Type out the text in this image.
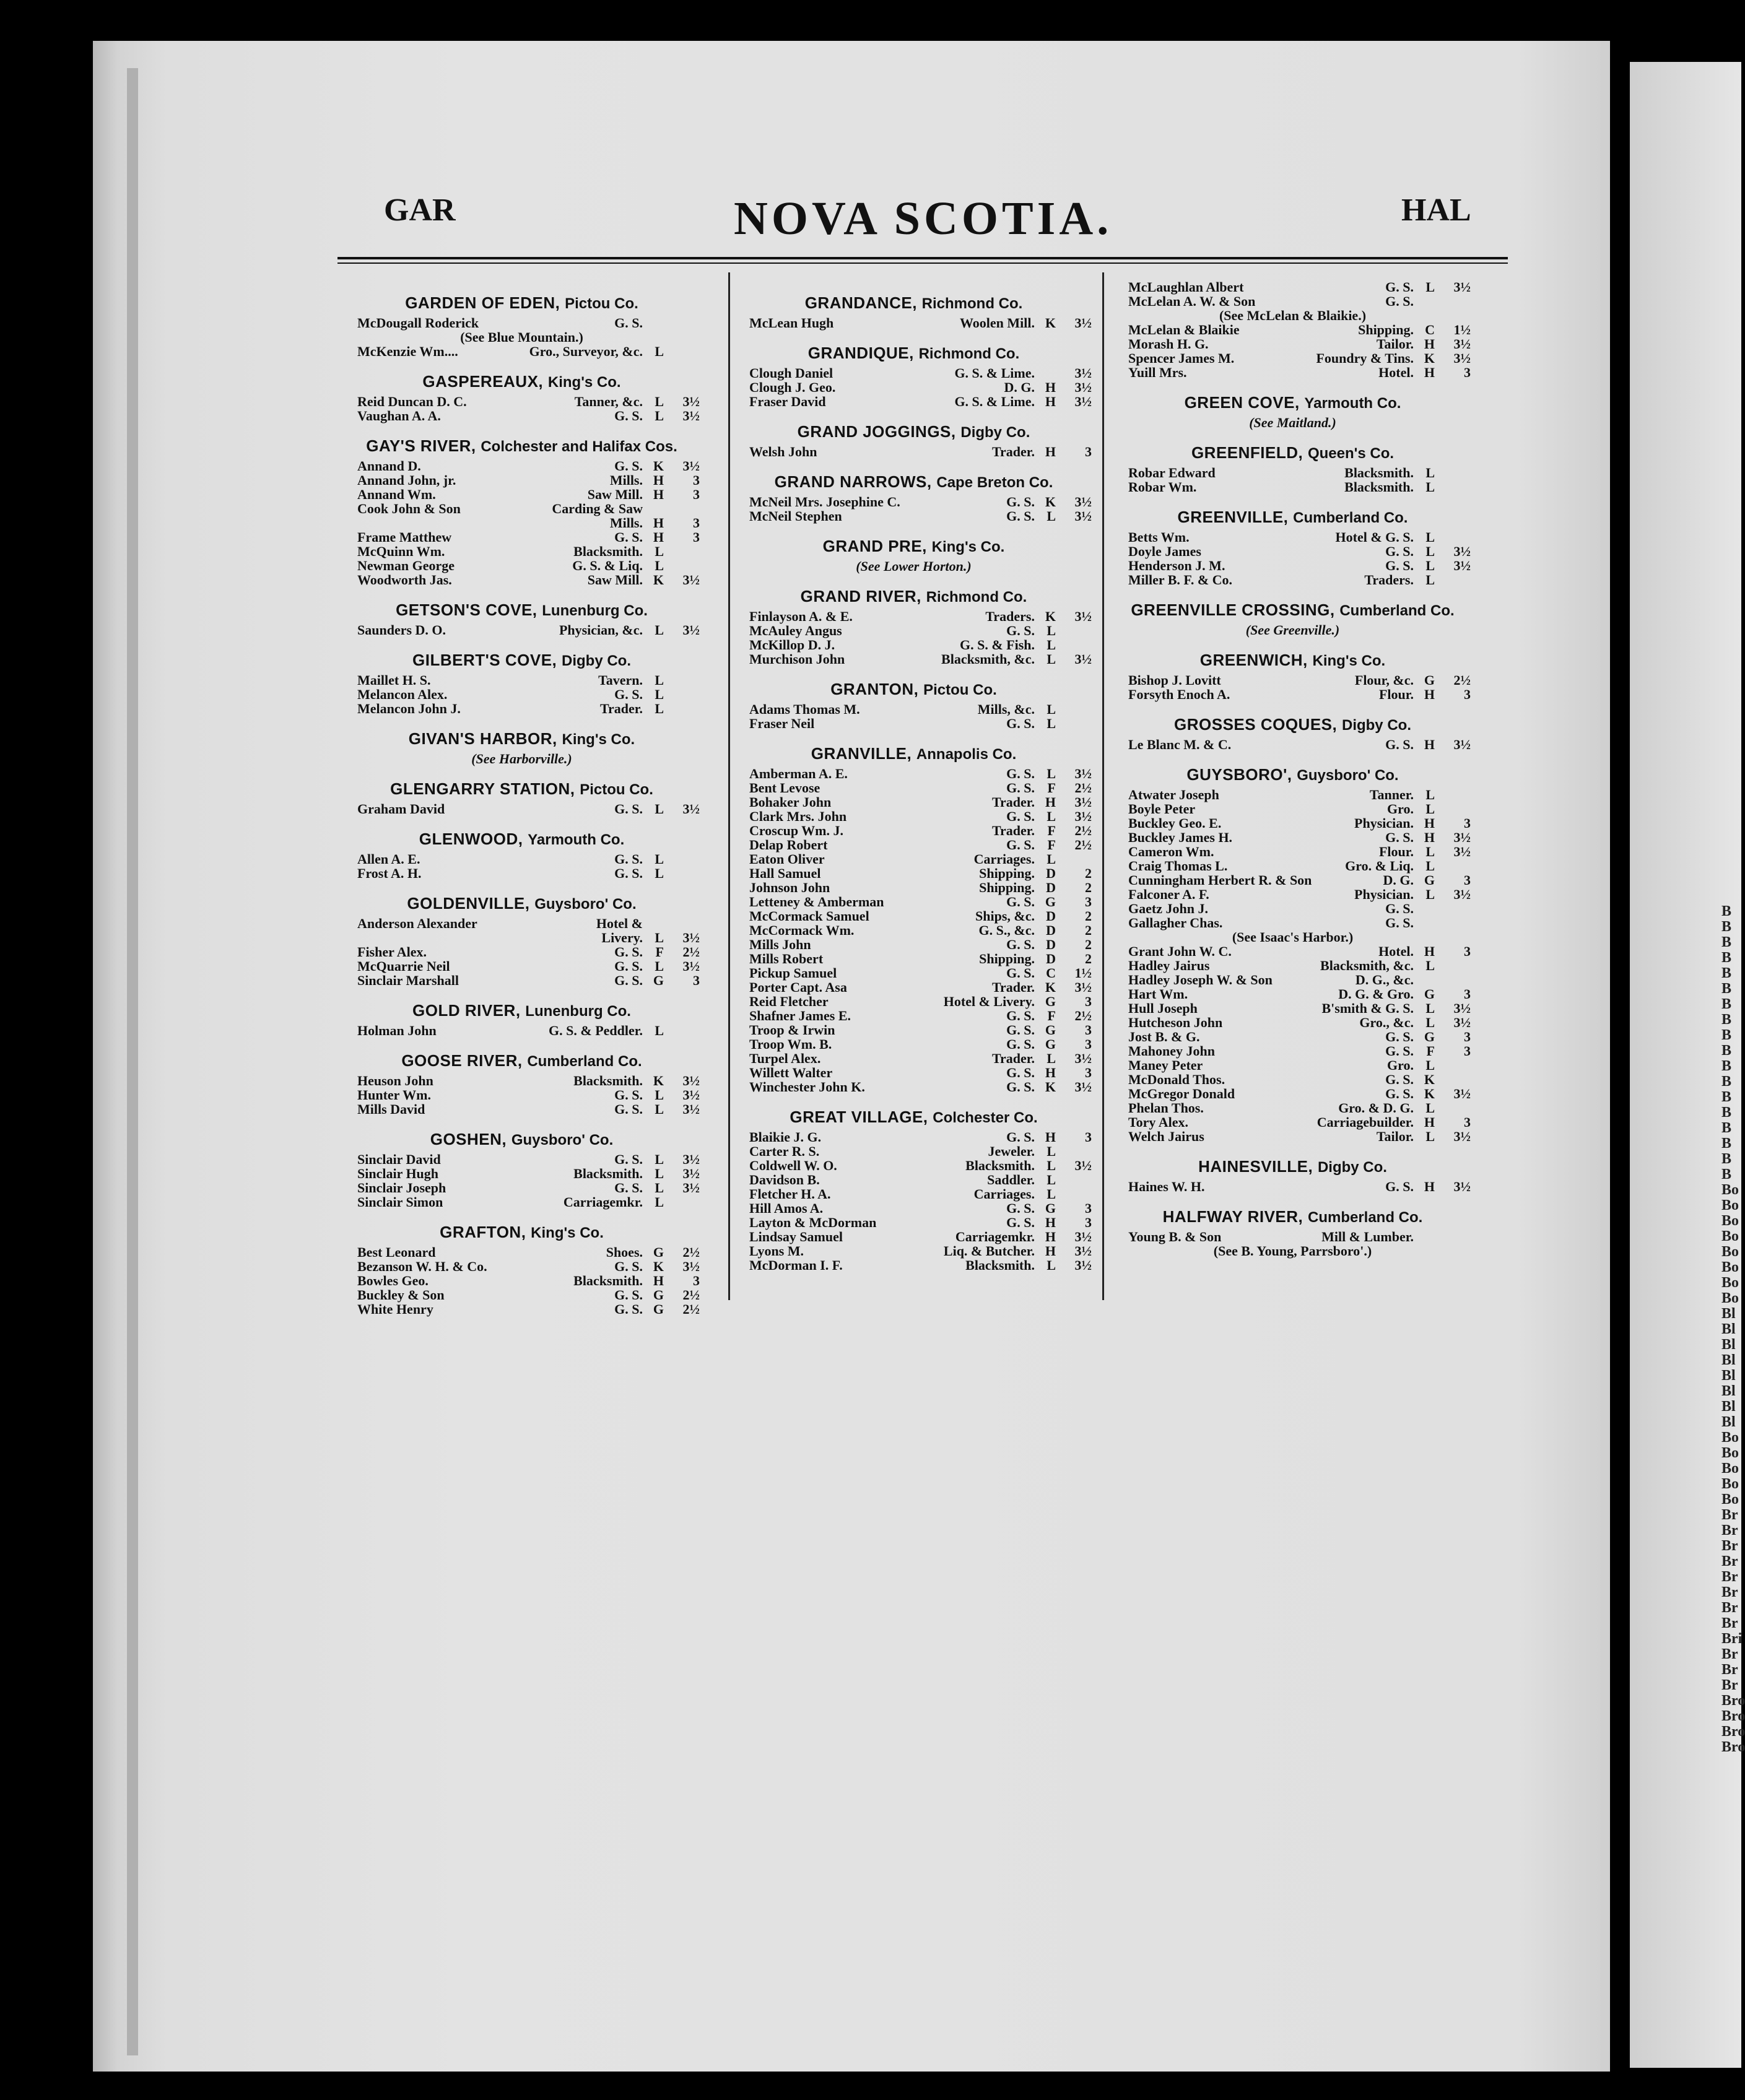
B
B
B
B
B
B
B
B
B
B
B
B
B
B
B
B
B
B
Bo
Bo
Bo
Bo
Bo
Bo
Bo
Bo
Bl
Bl
Bl
Bl
Bl
Bl
Bl
Bl
Bo
Bo
Bo
Bo
Bo
Br
Br
Br
Br
Br
Br
Br
Br
Bri
Br
Br
Br
Bro
Bro
Bro
Bro
GAR	NOVA SCOTIA.	HAL
GARDEN OF EDEN, Pictou Co.
McDougall Roderick	G. S.
(See Blue Mountain.)
McKenzie Wm....	Gro., Surveyor, &c. L
GASPEREAUX, King's Co.
Reid Duncan D. C.	Tanner, &c. L 3½
Vaughan A. A.	G. S. L 3½
GAY'S RIVER, Colchester and Halifax Cos.
Annand D.	G. S. K 3½
Annand John, jr.	Mills. H 3
Annand Wm.	Saw Mill. H 3
Cook John & Son	Carding & Saw
Mills. H 3
Frame Matthew	G. S. H 3
McQuinn Wm.	Blacksmith. L
Newman George	G. S. & Liq. L
Woodworth Jas.	Saw Mill. K 3½
GETSON'S COVE, Lunenburg Co.
Saunders D. O.	Physician, &c. L 3½
GILBERT'S COVE, Digby Co.
Maillet H. S.	Tavern. L
Melancon Alex.	G. S. L
Melancon John J.	Trader. L
GIVAN'S HARBOR, King's Co.
(See Harborville.)
GLENGARRY STATION, Pictou Co.
Graham David	G. S. L 3½
GLENWOOD, Yarmouth Co.
Allen A. E.	G. S. L
Frost A. H.	G. S. L
GOLDENVILLE, Guysboro' Co.
Anderson Alexander	Hotel &
Livery. L 3½
Fisher Alex.	G. S. F 2½
McQuarrie Neil	G. S. L 3½
Sinclair Marshall	G. S. G 3
GOLD RIVER, Lunenburg Co.
Holman John	G. S. & Peddler. L
GOOSE RIVER, Cumberland Co.
Heuson John	Blacksmith. K 3½
Hunter Wm.	G. S. L 3½
Mills David	G. S. L 3½
GOSHEN, Guysboro' Co.
Sinclair David	G. S. L 3½
Sinclair Hugh	Blacksmith. L 3½
Sinclair Joseph	G. S. L 3½
Sinclair Simon	Carriagemkr. L
GRAFTON, King's Co.
Best Leonard	Shoes. G 2½
Bezanson W. H. & Co.	G. S. K 3½
Bowles Geo.	Blacksmith. H 3
Buckley & Son	G. S. G 2½
White Henry	G. S. G 2½
GRANDANCE, Richmond Co.
McLean Hugh	Woolen Mill. K 3½
GRANDIQUE, Richmond Co.
Clough Daniel	G. S. & Lime.	3½
Clough J. Geo.	D. G. H 3½
Fraser David	G. S. & Lime. H 3½
GRAND JOGGINGS, Digby Co.
Welsh John	Trader. H 3
GRAND NARROWS, Cape Breton Co.
McNeil Mrs. Josephine C.	G. S. K 3½
McNeil Stephen	G. S. L 3½
GRAND PRE, King's Co.
(See Lower Horton.)
GRAND RIVER, Richmond Co.
Finlayson A. & E.	Traders. K 3½
McAuley Angus	G. S. L
McKillop D. J.	G. S. & Fish. L
Murchison John	Blacksmith, &c. L 3½
GRANTON, Pictou Co.
Adams Thomas M.	Mills, &c. L
Fraser Neil	G. S. L
GRANVILLE, Annapolis Co.
Amberman A. E.	G. S. L 3½
Bent Levose	G. S. F 2½
Bohaker John	Trader. H 3½
Clark Mrs. John	G. S. L 3½
Croscup Wm. J.	Trader. F 2½
Delap Robert	G. S. F 2½
Eaton Oliver	Carriages. L
Hall Samuel	Shipping. D 2
Johnson John	Shipping. D 2
Letteney & Amberman	G. S. G 3
McCormack Samuel	Ships, &c. D 2
McCormack Wm.	G. S., &c. D 2
Mills John	G. S. D 2
Mills Robert	Shipping. D 2
Pickup Samuel	G. S. C 1½
Porter Capt. Asa	Trader. K 3½
Reid Fletcher	Hotel & Livery. G 3
Shafner James E.	G. S. F 2½
Troop & Irwin	G. S. G 3
Troop Wm. B.	G. S. G 3
Turpel Alex.	Trader. L 3½
Willett Walter	G. S. H 3
Winchester John K.	G. S. K 3½
GREAT VILLAGE, Colchester Co.
Blaikie J. G.	G. S. H 3
Carter R. S.	Jeweler. L
Coldwell W. O.	Blacksmith. L 3½
Davidson B.	Saddler. L
Fletcher H. A.	Carriages. L
Hill Amos A.	G. S. G 3
Layton & McDorman	G. S. H 3
Lindsay Samuel	Carriagemkr. H 3½
Lyons M.	Liq. & Butcher. H 3½
McDorman I. F.	Blacksmith. L 3½
McLaughlan Albert	G. S. L 3½
McLelan A. W. & Son	G. S.
(See McLelan & Blaikie.)
McLelan & Blaikie	Shipping. C 1½
Morash H. G.	Tailor. H 3½
Spencer James M.	Foundry & Tins. K 3½
Yuill Mrs.	Hotel. H 3
GREEN COVE, Yarmouth Co.
(See Maitland.)
GREENFIELD, Queen's Co.
Robar Edward	Blacksmith. L
Robar Wm.	Blacksmith. L
GREENVILLE, Cumberland Co.
Betts Wm.	Hotel & G. S. L
Doyle James	G. S. L 3½
Henderson J. M.	G. S. L 3½
Miller B. F. & Co.	Traders. L
GREENVILLE CROSSING, Cumberland Co.
(See Greenville.)
GREENWICH, King's Co.
Bishop J. Lovitt	Flour, &c. G 2½
Forsyth Enoch A.	Flour. H 3
GROSSES COQUES, Digby Co.
Le Blanc M. & C.	G. S. H 3½
GUYSBORO', Guysboro' Co.
Atwater Joseph	Tanner. L
Boyle Peter	Gro. L
Buckley Geo. E.	Physician. H 3
Buckley James H.	G. S. H 3½
Cameron Wm.	Flour. L 3½
Craig Thomas L.	Gro. & Liq. L
Cunningham Herbert R. & Son	D. G. G 3
Falconer A. F.	Physician. L 3½
Gaetz John J.	G. S.
Gallagher Chas.	G. S.
(See Isaac's Harbor.)
Grant John W. C.	Hotel. H 3
Hadley Jairus	Blacksmith, &c. L
Hadley Joseph W. & Son	D. G., &c.
Hart Wm.	D. G. & Gro. G 3
Hull Joseph	B'smith & G. S. L 3½
Hutcheson John	Gro., &c. L 3½
Jost B. & G.	G. S. G 3
Mahoney John	G. S. F 3
Maney Peter	Gro. L
McDonald Thos.	G. S. K
McGregor Donald	G. S. K 3½
Phelan Thos.	Gro. & D. G. L
Tory Alex.	Carriagebuilder. H 3
Welch Jairus	Tailor. L 3½
HAINESVILLE, Digby Co.
Haines W. H.	G. S. H 3½
HALFWAY RIVER, Cumberland Co.
Young B. & Son	Mill & Lumber.
(See B. Young, Parrsboro'.)
